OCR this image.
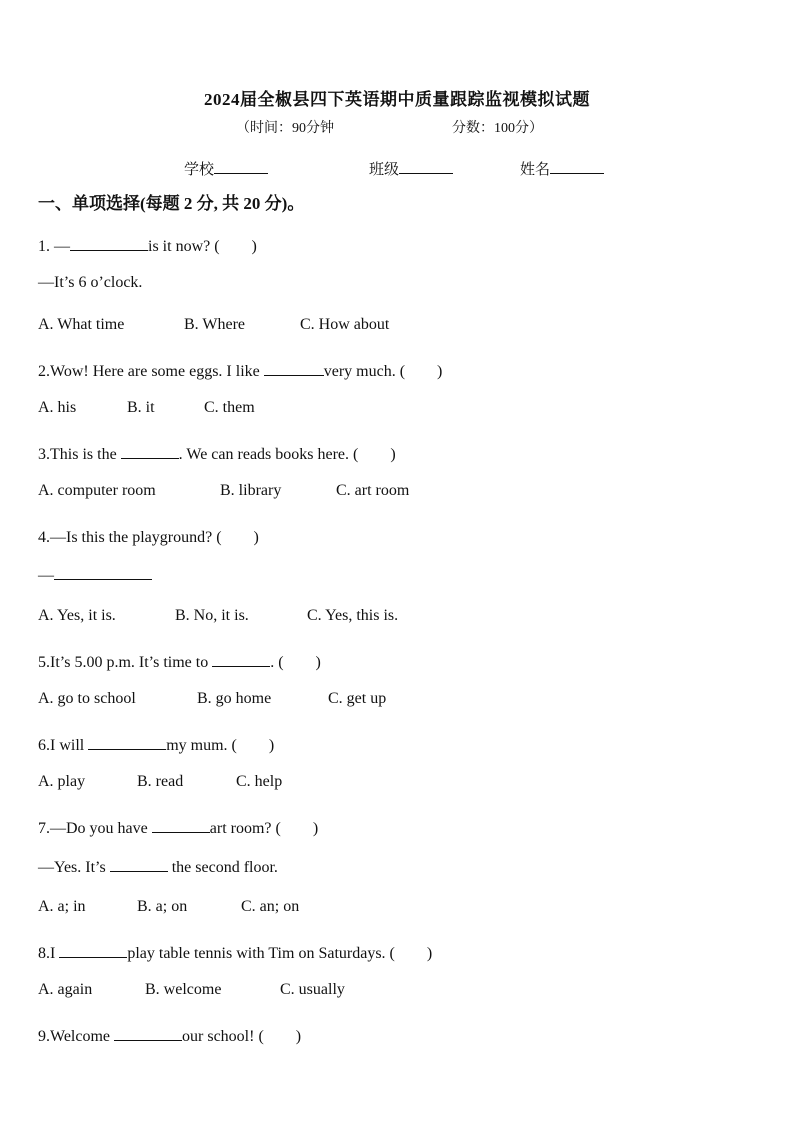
2024届全椒县四下英语期中质量跟踪监视模拟试题
（时间：90分钟	分数：100分）
学校	班级	姓名
一、单项选择(每题 2 分, 共 20 分)。
1. —	is it now? (　　)
—It’s 6 o’clock.
A. What time	B. Where	C. How about
2.Wow! Here are some eggs. I like	very much. (　　)
A. his	B. it	C. them
3.This is the	. We can reads books here. (　　)
A. computer room	B. library	C. art room
4.—Is this the playground? (　　)
—
A. Yes, it is.	B. No, it is.	C. Yes, this is.
5.It’s 5.00 p.m. It’s time to	. (　　)
A. go to school	B. go home	C. get up
6.I will	my mum. (　　)
A. play	B. read	C. help
7.—Do you have	art room? (　　)
—Yes. It’s	the second floor.
A. a; in	B. a; on	C. an; on
8.I	play table tennis with Tim on Saturdays. (　　)
A. again	B. welcome	C. usually
9.Welcome	our school! (　　)
